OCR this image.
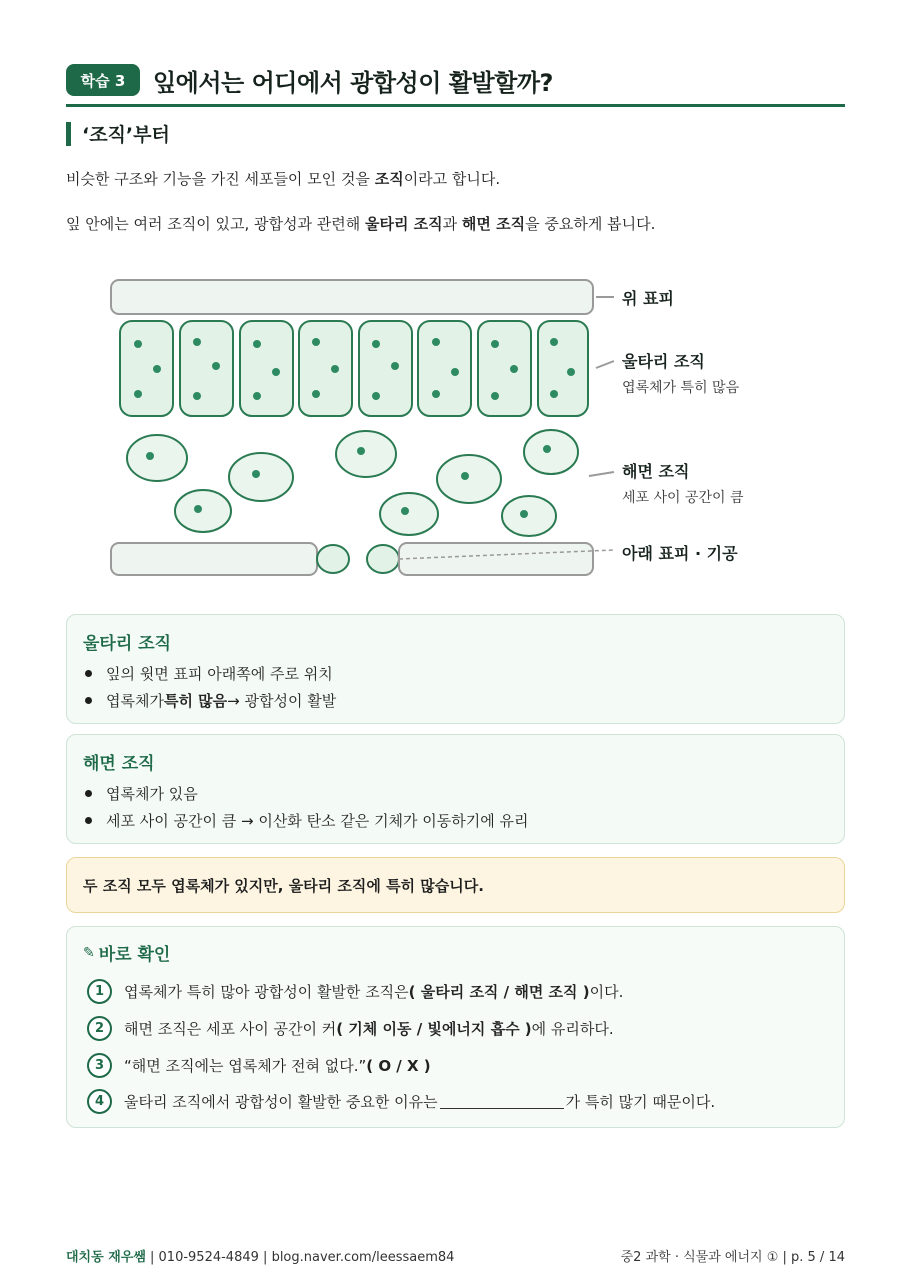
학습 3	잎에서는 어디에서 광합성이 활발할까?
‘조직’부터
비슷한 구조와 기능을 가진 세포들이 모인 것을 조직이라고 합니다.
잎 안에는 여러 조직이 있고, 광합성과 관련해 울타리 조직과 해면 조직을 중요하게 봅니다.
위 표피
울타리 조직
엽록체가 특히 많음
해면 조직
세포 사이 공간이 큼
아래 표피 · 기공
울타리 조직
잎의 윗면 표피 아래쪽에 주로 위치
엽록체가 특히 많음 → 광합성이 활발
해면 조직
엽록체가 있음
세포 사이 공간이 큼 → 이산화 탄소 같은 기체가 이동하기에 유리
두 조직 모두 엽록체가 있지만, 울타리 조직에 특히 많습니다.
✎ 바로 확인
1	엽록체가 특히 많아 광합성이 활발한 조직은 ( 울타리 조직 / 해면 조직 ) 이다.
2	해면 조직은 세포 사이 공간이 커 ( 기체 이동 / 빛에너지 흡수 ) 에 유리하다.
3	“해면 조직에는 엽록체가 전혀 없다.” ( O / X )
4	울타리 조직에서 광합성이 활발한 중요한 이유는	가 특히 많기 때문이다.
대치동 재우쌤 | 010-9524-4849 | blog.naver.com/leessaem84	중2 과학 · 식물과 에너지 ① | p. 5 / 14
